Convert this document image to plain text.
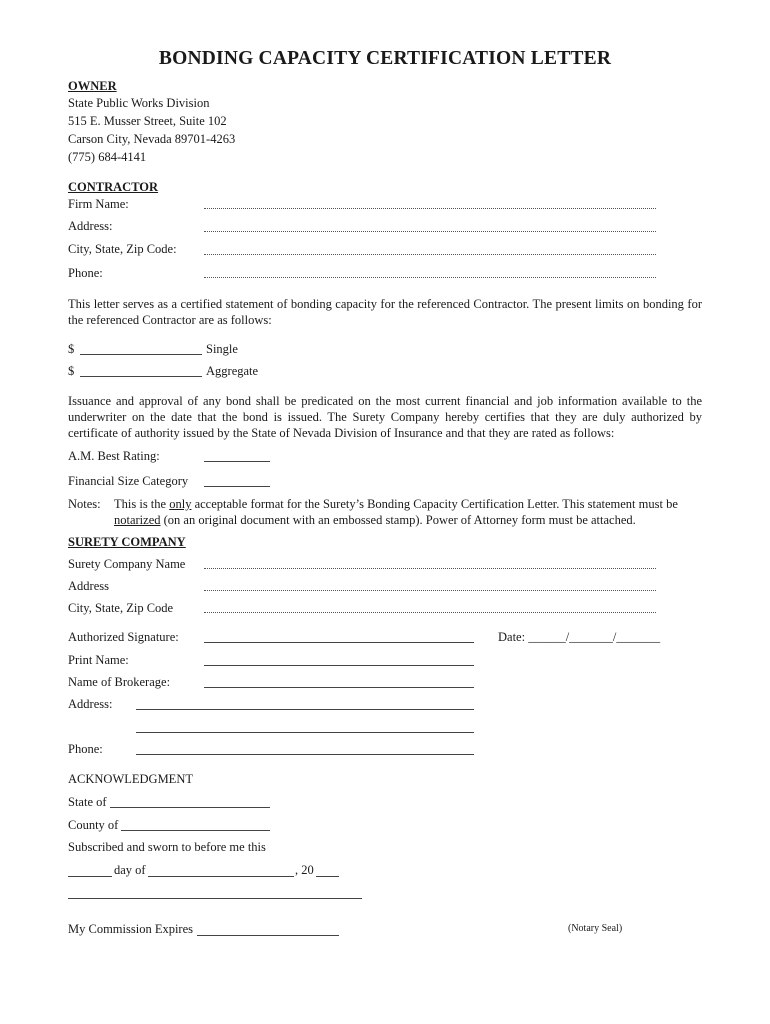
BONDING CAPACITY CERTIFICATION LETTER
OWNER
State Public Works Division
515 E. Musser Street, Suite 102
Carson City, Nevada 89701-4263
(775) 684-4141
CONTRACTOR
Firm Name:
Address:
City, State, Zip Code:
Phone:
This letter serves as a certified statement of bonding capacity for the referenced Contractor. The present limits on bonding for the referenced Contractor are as follows:
$	Single
$	Aggregate
Issuance and approval of any bond shall be predicated on the most current financial and job information available to the underwriter on the date that the bond is issued. The Surety Company hereby certifies that they are duly authorized by certificate of authority issued by the State of Nevada Division of Insurance and that they are rated as follows:
A.M. Best Rating:
Financial Size Category
Notes: This is the only acceptable format for the Surety’s Bonding Capacity Certification Letter. This statement must be
notarized (on an original document with an embossed stamp). Power of Attorney form must be attached.
SURETY COMPANY
Surety Company Name
Address
City, State, Zip Code
Authorized Signature:	Date: ______/_______/_______
Print Name:
Name of Brokerage:
Address:
Phone:
ACKNOWLEDGMENT
State of
County of
Subscribed and sworn to before me this
day of	, 20
My Commission Expires	(Notary Seal)
